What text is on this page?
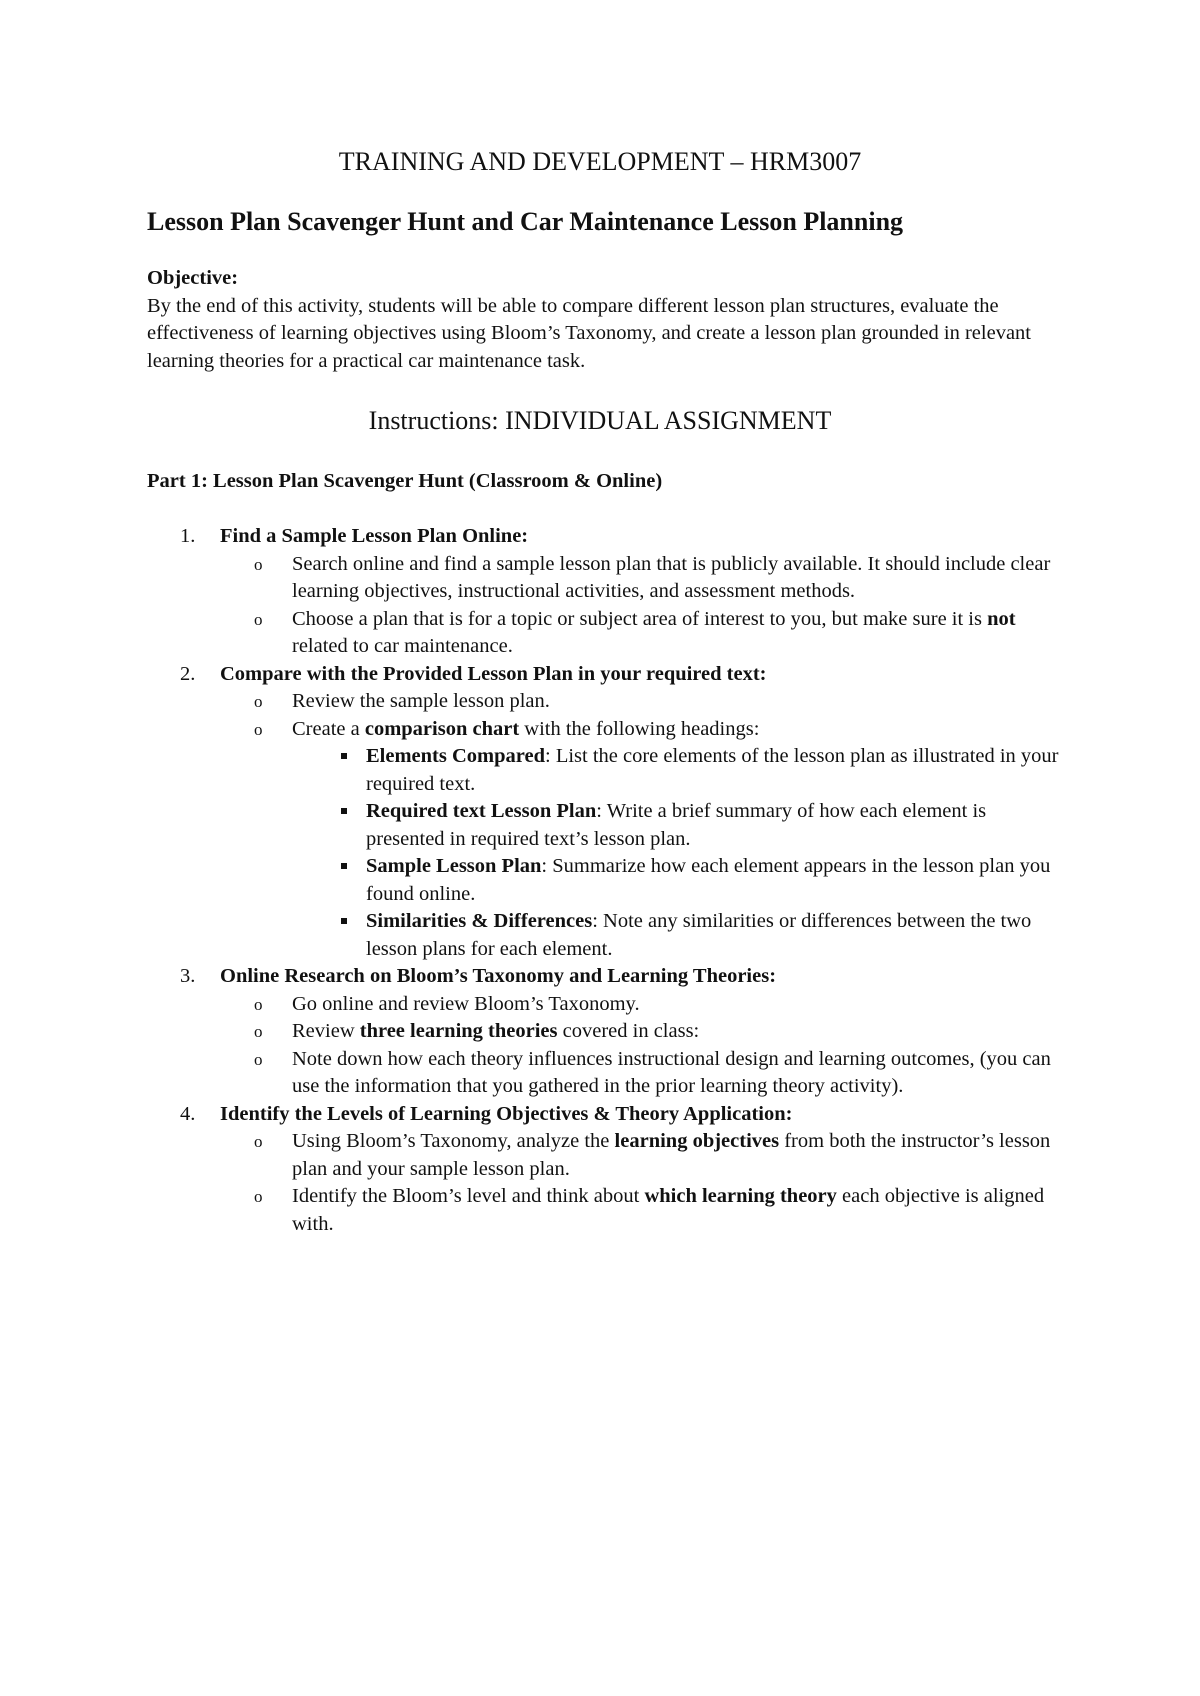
TRAINING AND DEVELOPMENT – HRM3007
Lesson Plan Scavenger Hunt and Car Maintenance Lesson Planning
Objective:
By the end of this activity, students will be able to compare different lesson plan structures, evaluate the effectiveness of learning objectives using Bloom’s Taxonomy, and create a lesson plan grounded in relevant learning theories for a practical car maintenance task.
Instructions: INDIVIDUAL ASSIGNMENT
Part 1: Lesson Plan Scavenger Hunt (Classroom & Online)
1. Find a Sample Lesson Plan Online:
o Search online and find a sample lesson plan that is publicly available. It should include clear learning objectives, instructional activities, and assessment methods.
o Choose a plan that is for a topic or subject area of interest to you, but make sure it is not related to car maintenance.
2. Compare with the Provided Lesson Plan in your required text:
o Review the sample lesson plan.
o Create a comparison chart with the following headings:
Elements Compared: List the core elements of the lesson plan as illustrated in your required text.
Required text Lesson Plan: Write a brief summary of how each element is presented in required text’s lesson plan.
Sample Lesson Plan: Summarize how each element appears in the lesson plan you found online.
Similarities & Differences: Note any similarities or differences between the two lesson plans for each element.
3. Online Research on Bloom’s Taxonomy and Learning Theories:
o Go online and review Bloom’s Taxonomy.
o Review three learning theories covered in class:
o Note down how each theory influences instructional design and learning outcomes, (you can use the information that you gathered in the prior learning theory activity).
4. Identify the Levels of Learning Objectives & Theory Application:
o Using Bloom’s Taxonomy, analyze the learning objectives from both the instructor’s lesson plan and your sample lesson plan.
o Identify the Bloom’s level and think about which learning theory each objective is aligned with.
